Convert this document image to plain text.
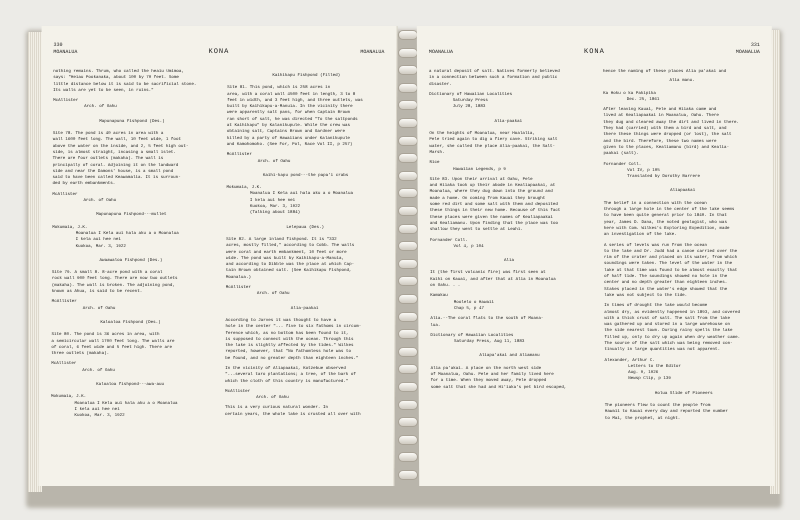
330
MOANALUA	KONA	MOANALUA
nothing remains. Thrum, who called the heaiu Umimoa,
says: "Heiau Pookanaka, about 100 by 70 feet. Some
little distance below it is said to be sacrificial stone.
Its walls are yet to be seen, in ruins."
McAllister
Arch. of Oahu
Mapunapuna Fishpond (Des.)
Site 78. The pond is 40 acres in area with a
wall 1600 feet long. The wall, 10 feet wide, 1 foot
above the water on the inside, and 2, 5 feet high out-
side, is almost straight, incasing a small islet.
There are four outlets (makaha). The wall is
principally of coral. Adjoining it on the landward
side and near the Damons' house, is a small pond
said to have been called Keawamalia. It is surroun-
ded by earth embankments.
McAllister
Arch. of Oahu
Mapunapuna Fishpond---mullet
Mokumaia, J.K.
Moanalua I Kela aui hala aku a o Moanalua
I kela aui hee nei
Kuokoa, Mar. 3, 1922
Awaawaloa Fishpond (Des.)
Site 79. A small 8. 8-acre pond with a coral
rock wall 900 feet long. There are now two outlets
(makaha). The wall is broken. The adjoining pond,
known as Ahua, is said to be recent.
McAllister
Arch. of Oahu
Kaloaloa Fishpond (Des.)
Site 80. The pond is 36 acres in area, with
a semicircular wall 1700 feet long. The walls are
of coral, 6 feet wide and 5 feet high. There are
three outlets (makaha).
McAllister
Arch. of Oahu
Kaloaloa fishpond---awa-auu
Mokumaia, J.K.
Moanalua I Kela aui hala aku a o Moanalua
I kela aui hee nei
Kuokoa, Mar. 3, 1922
Kaihikapu Fishpond (Filled)
Site 81. This pond, which is 258 acres in
area, with a coral wall 4500 feet in length, 3 to 8
feet in width, and 3 feet high, and three outlets, was
built by Kaihikapu-a-Manuia. In the vicinity there
were apparently salt pans, for when Captain Brown
ran short of salt, he was directed "To the saltponds
at Kaihikapu" by Kalanikupule. While the crew was
obtaining salt, Captains Brown and Gardner were
killed by a party of Hawaiians under Kalanikupule
and Kamohomoho. (See For, Pol, Race Vol II, p 257)
McAllister
Arch. of Oahu
Kaihi-kapu pond---the papa'i crabs
Mokumaia, J.K.
Moanalua I Kela aui hala aku a o Moanalua
I kela aui hee nei
Kuokoa, Mar. 3, 1922
(Talking about 1884)
Lelepaua (Des.)
Site 82. A large inland fishpond. It is "332
acres, mostly filled," according to Cobb. The walls
were coral and earth embankment, 10 feet or more
wide. The pond was built by Kaihikapu-a-Manuia,
and according to Dibble was the place at which Cap-
tain Brown obtained salt. (See Kaihikapu Fishpond,
Moanalua.)
McAllister
Arch. of Oahu
Alia-paakai
According to Jarves it was thought to have a
hole in the center "... five to six fathoms in circum-
ference which, as no bottom has been found to it,
is supposed to connect with the ocean. Through this
the lake is slightly affected by the tides." Wilkes
reported, however, that "No fathomless hole was to
be found, and no greater depth than eighteen inches."
In the vicinity of Aliapaakai, Kotzebue observed
"...several taro plantations; a tree, of the bark of
which the cloth of this country is manufactured."
McAllister
Arch. of Oahu
This is a very curious natural wonder. In
certain years, the whole lake is crusted all over with
MOANALUA	KONA
331
MOANALUA
a natural deposit of salt. Natives formerly believed
in a connection between such a formation and public
disaster.
Dictionary of Hawaiian Localities
Saturday Press
July 28, 1883
Alia-paakai
On the heights of Moanalua, near Hoalalia,
Pele tried again to dig a fiery cave. Striking salt
water, she called the place Alia-paakai, the Salt-
Marsh.
Rice
Hawaiian Legends, p 9
Site 83. Upon their arrival at Oahu, Pele
and Hiiaka took up their abode in Kealiapaakai, at
Moanalua, where they dug down into the ground and
made a home. On coming from Kauai they brought
some red dirt and some salt with them and deposited
these things in their new home. Because of this fact
these places were given the names of Kealiapaakai
and Kealiamanu. Upon finding that the place was too
shallow they went to settle at Leahi.
Fornander Coll.
Vol 4, p 104
Alia
It (the first volcanic fire) was first seen at
Kaihi on Kauai, and after that at Alia in Moanalua
on Oahu. . .
Kamakau
Moolelo o Hawaii
Chap 5, p 47
Alia.--The coral flats to the south of Moana-
lua.
Dictionary of Hawaiian Localities
Saturday Press, Aug 11, 1883
Aliapa'akai and Aliamanu
Alia pa'akai. A place on the north west side
of Moanalua, Oahu. Pele and her family lived here
for a time. When they moved away, Pele dropped
some salt that she had and Hi'iaka's pet bird escaped,
hence the naming of these places Alia pa'akai and
Alia manu.
Ka Hoku o ka Pakipika
Dec. 25, 1861
After leaving Kauai, Pele and Hiiaka came and
lived at Kealiapaakai in Moanalua, Oahu. There
they dug and cleared away the dirt and lived in there.
They had (carried) with them a bird and salt, and
there these things were dropped (or lost), the salt
and the bird. Therefore, these two names were
given to the places, Kealiamanu (bird) and Kealia-
paakai (salt).
Fornander Coll.
Vol IV, p 105
Translated by Dorothy Barrere
Aliapaakai
The belief in a connection with the ocean
through a large hole in the center of the lake seems
to have been quite general prior to 1840. In that
year, James D. Dana, the noted geologist, who was
here with Com. Wilkes's Exploring Expedition, made
an investigation of the lake.
A series of levels was run from the ocean
to the lake and Dr. Judd had a canoe carried over the
rim of the crater and placed on its water, from which
soundings were taken. The level of the water in the
lake at that time was found to be almost exactly that
of half tide. The soundings showed no hole in the
center and no depth greater than eighteen inches.
Stakes placed in the water's edge showed that the
lake was not subject to the tide.
In times of drought the lake would become
almost dry, as evidently happened in 1893, and covered
with a thick crust of salt. The salt from the lake
was gathered up and stored in a large warehouse on
the side nearest town. During rainy spells the lake
filled up, only to dry up again when dry weather came.
The source of the salt which was being removed con-
tinually in large quantities was not apparent.
Alexander, Arthur C.
Letters to the Editor
Aug. 9, 1926
Newsp Clip, p 139
Holua Slide of Pioneers
The pioneers flew to count the people from
Hawaii to Kauai every day and reported the number
to Mai, the prophet, at night.
